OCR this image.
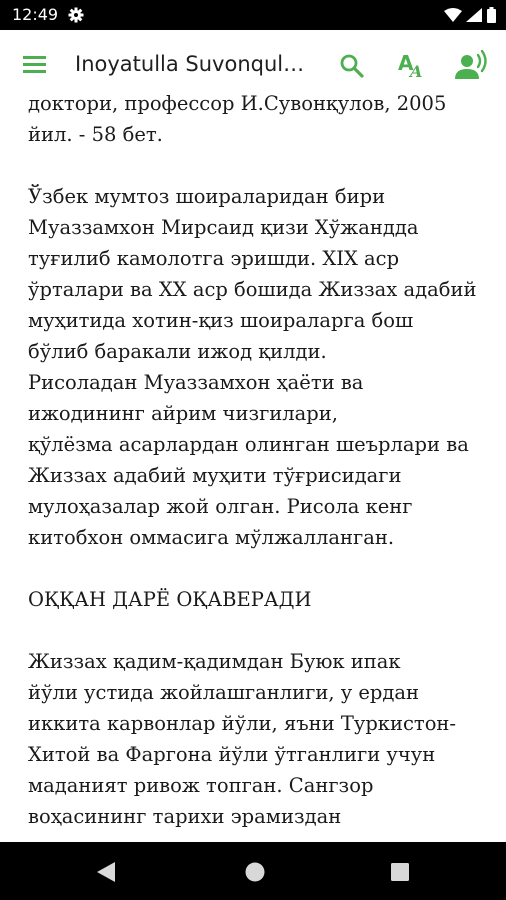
12:49
Inoyatulla Suvonqul…	A
A

доктори, профессор И.Сувонқулов, 2005
йил. - 58 бет.

Ўзбек мумтоз шоираларидан бири
Муаззамхон Мирсаид қизи Хўжандда
туғилиб камолотга эришди. XIX аср
ўрталари ва XX аср бошида Жиззах адабий
муҳитида хотин-қиз шоираларга бош
бўлиб баракали ижод қилди.
Рисоладан Муаззамхон ҳаёти ва
ижодининг айрим чизгилари,
қўлёзма асарлардан олинган шеърлари ва
Жиззах адабий муҳити тўғрисидаги
мулоҳазалар жой олган. Рисола кенг
китобхон оммасига мўлжалланган.

ОҚҚАН ДАРЁ ОҚАВЕРАДИ

Жиззах қадим-қадимдан Буюк ипак
йўли устида жойлашганлиги, у ердан
иккита карвонлар йўли, яъни Туркистон-
Хитой ва Фаргона йўли ўтганлиги учун
маданият ривож топган. Сангзор
воҳасининг тарихи эрамиздан
